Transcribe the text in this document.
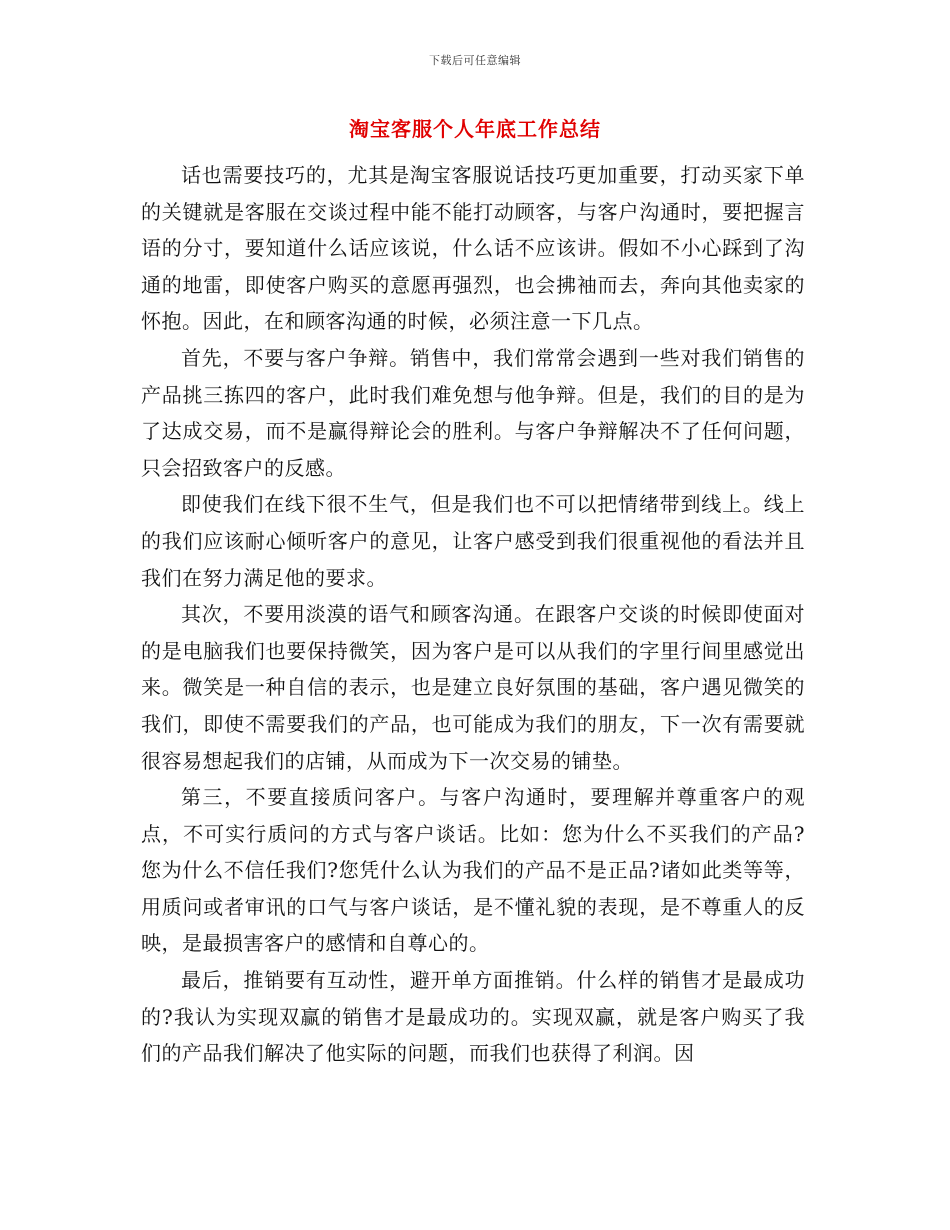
下载后可任意编辑
淘宝客服个人年底工作总结

话也需要技巧的，尤其是淘宝客服说话技巧更加重要，打动买家下单的关键就是客服在交谈过程中能不能打动顾客，与客户沟通时，要把握言语的分寸，要知道什么话应该说，什么话不应该讲。假如不小心踩到了沟通的地雷，即使客户购买的意愿再强烈，也会拂袖而去，奔向其他卖家的怀抱。因此，在和顾客沟通的时候，必须注意一下几点。

首先，不要与客户争辩。销售中，我们常常会遇到一些对我们销售的产品挑三拣四的客户，此时我们难免想与他争辩。但是，我们的目的是为了达成交易，而不是赢得辩论会的胜利。与客户争辩解决不了任何问题，只会招致客户的反感。

即使我们在线下很不生气，但是我们也不可以把情绪带到线上。线上的我们应该耐心倾听客户的意见，让客户感受到我们很重视他的看法并且我们在努力满足他的要求。

其次，不要用淡漠的语气和顾客沟通。在跟客户交谈的时候即使面对的是电脑我们也要保持微笑，因为客户是可以从我们的字里行间里感觉出来。微笑是一种自信的表示，也是建立良好氛围的基础，客户遇见微笑的我们，即使不需要我们的产品，也可能成为我们的朋友，下一次有需要就很容易想起我们的店铺，从而成为下一次交易的铺垫。

第三，不要直接质问客户。与客户沟通时，要理解并尊重客户的观点，不可实行质问的方式与客户谈话。比如：您为什么不买我们的产品?您为什么不信任我们?您凭什么认为我们的产品不是正品?诸如此类等等，用质问或者审讯的口气与客户谈话，是不懂礼貌的表现，是不尊重人的反映，是最损害客户的感情和自尊心的。

最后，推销要有互动性，避开单方面推销。什么样的销售才是最成功的?我认为实现双赢的销售才是最成功的。实现双赢，就是客户购买了我们的产品我们解决了他实际的问题，而我们也获得了利润。因
